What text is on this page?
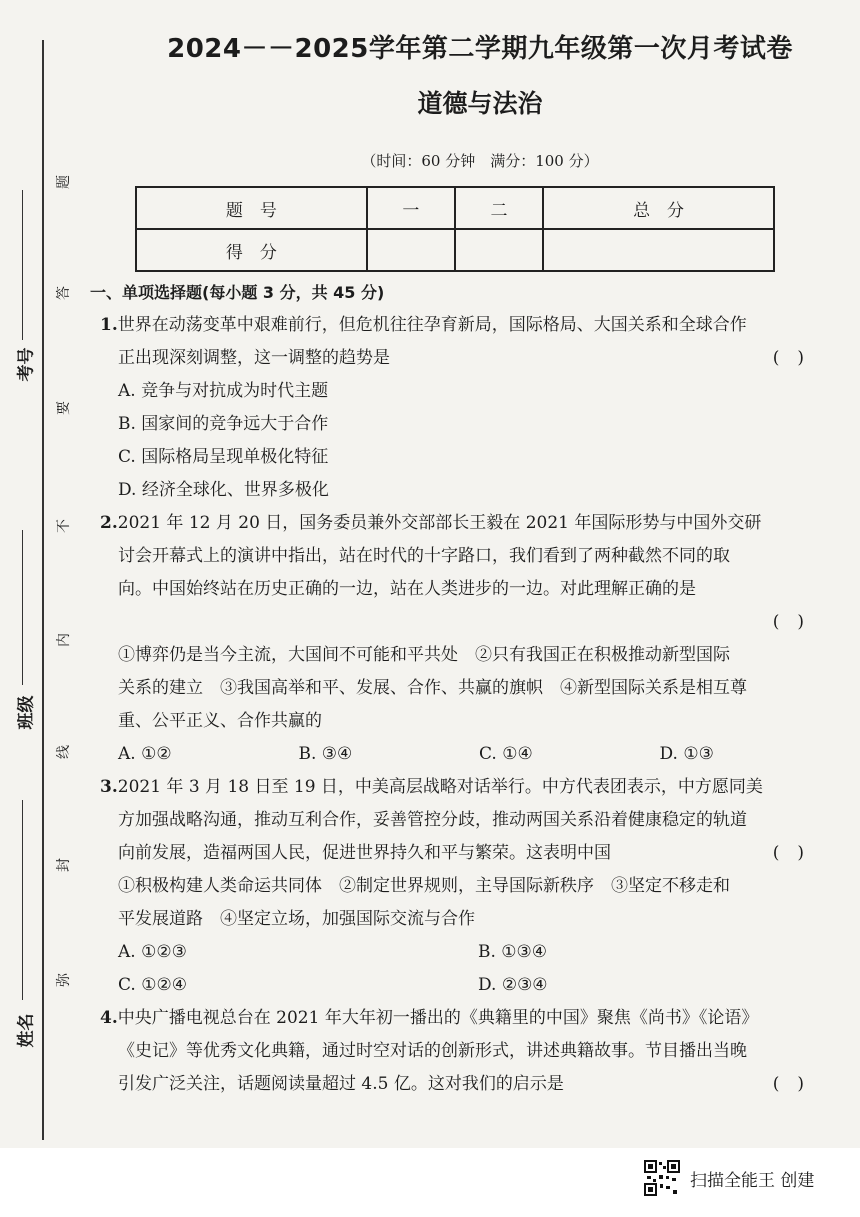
题
答
要
不
内
线
封
弥
考号
班级
姓名
2024－－2025学年第二学期九年级第一次月考试卷
道德与法治
（时间：60 分钟　满分：100 分）
题　号	一	二	总　分
得　分			
一、单项选择题(每小题 3 分，共 45 分)
1.世界在动荡变革中艰难前行，但危机往往孕育新局，国际格局、大国关系和全球合作
正出现深刻调整，这一调整的趋势是	()
A. 竞争与对抗成为时代主题
B. 国家间的竞争远大于合作
C. 国际格局呈现单极化特征
D. 经济全球化、世界多极化
2.2021 年 12 月 20 日，国务委员兼外交部部长王毅在 2021 年国际形势与中国外交研
讨会开幕式上的演讲中指出，站在时代的十字路口，我们看到了两种截然不同的取
向。中国始终站在历史正确的一边，站在人类进步的一边。对此理解正确的是
()
①博弈仍是当今主流，大国间不可能和平共处　②只有我国正在积极推动新型国际
关系的建立　③我国高举和平、发展、合作、共赢的旗帜　④新型国际关系是相互尊
重、公平正义、合作共赢的
A. ①②	B. ③④	C. ①④	D. ①③
3.2021 年 3 月 18 日至 19 日，中美高层战略对话举行。中方代表团表示，中方愿同美
方加强战略沟通，推动互利合作，妥善管控分歧，推动两国关系沿着健康稳定的轨道
向前发展，造福两国人民，促进世界持久和平与繁荣。这表明中国	()
①积极构建人类命运共同体　②制定世界规则，主导国际新秩序　③坚定不移走和
平发展道路　④坚定立场，加强国际交流与合作
A. ①②③	B. ①③④
C. ①②④	D. ②③④
4.中央广播电视总台在 2021 年大年初一播出的《典籍里的中国》聚焦《尚书》《论语》
《史记》等优秀文化典籍，通过时空对话的创新形式，讲述典籍故事。节目播出当晚
引发广泛关注，话题阅读量超过 4.5 亿。这对我们的启示是	()
扫描全能王 创建
